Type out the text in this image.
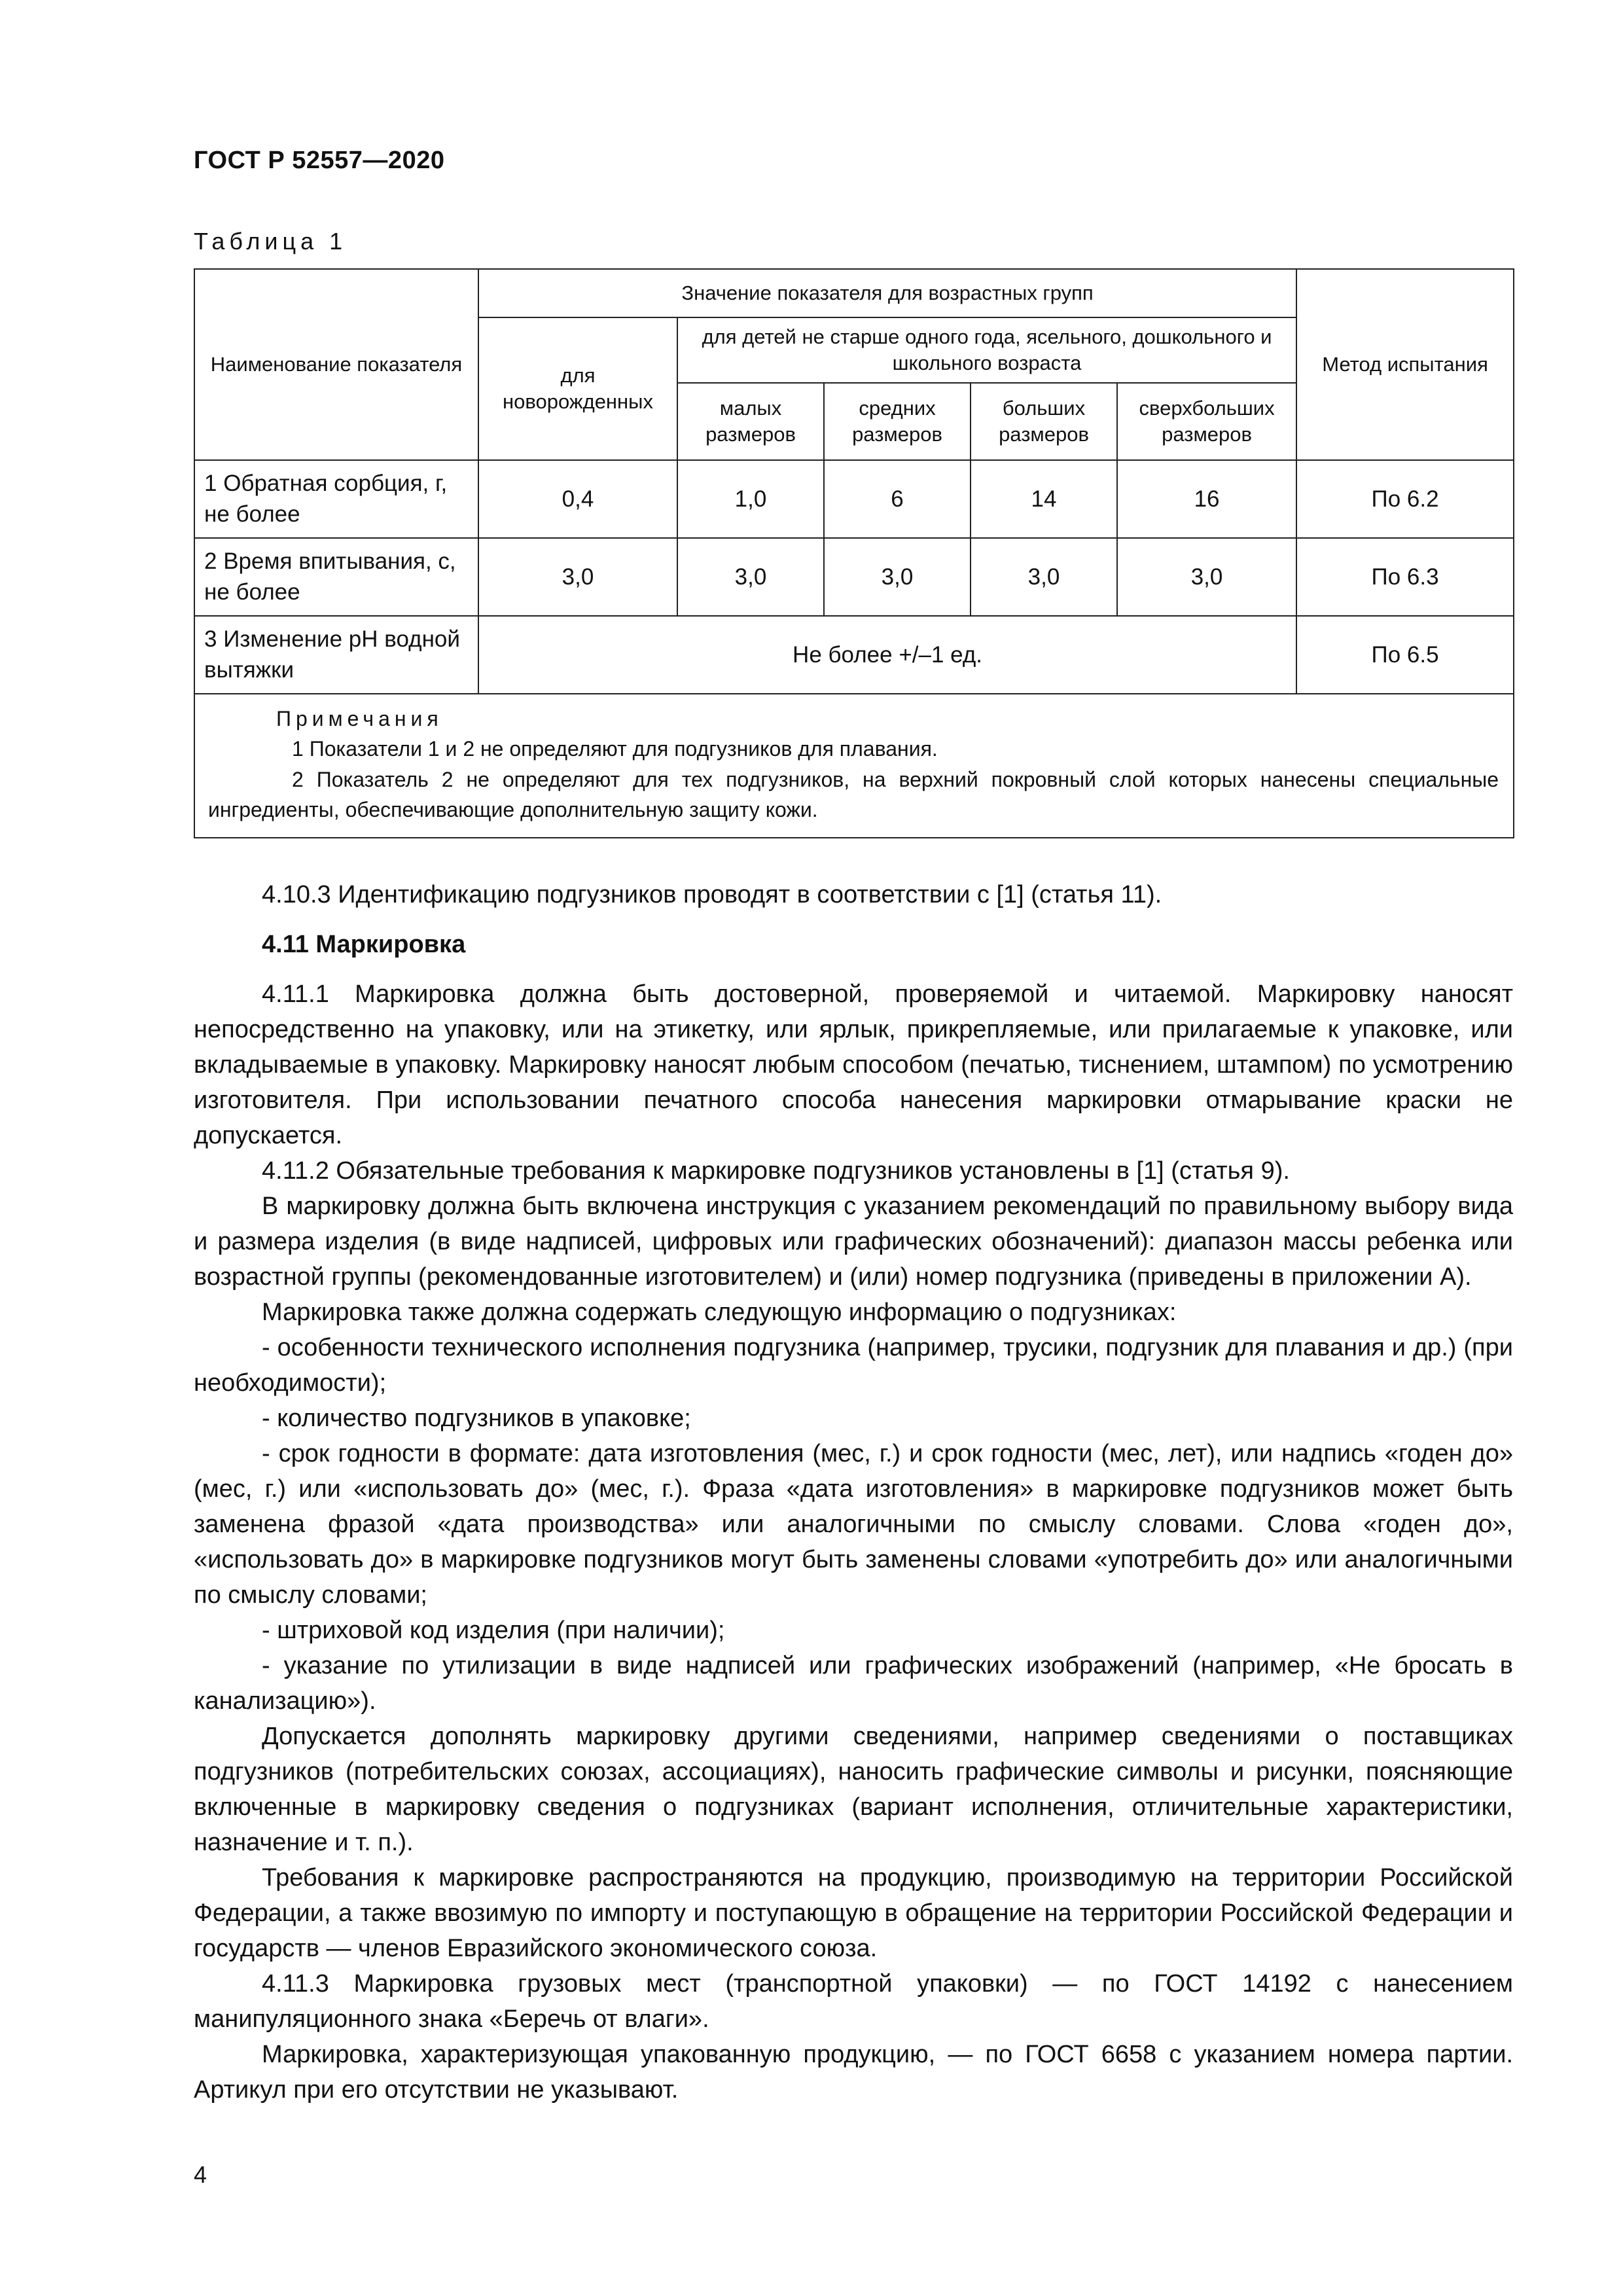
ГОСТ Р 52557—2020
Таблица 1
Наименование показателя	Значение показателя для возрастных групп					Метод испытания
	для новорожденных	для детей не старше одного года, ясельного, дошкольного и школьного возраста				
		малых размеров	средних размеров	больших размеров	сверхбольших размеров	
1 Обратная сорбция, г, не более	0,4	1,0	6	14	16	По 6.2
2 Время впитывания, с, не более	3,0	3,0	3,0	3,0	3,0	По 6.3
3 Изменение pH водной вытяжки	Не более +/–1 ед.					По 6.5

Примечания
1 Показатели 1 и 2 не определяют для подгузников для плавания.
2 Показатель 2 не определяют для тех подгузников, на верхний покровный слой которых нанесены специальные ингредиенты, обеспечивающие дополнительную защиту кожи.						

4.10.3 Идентификацию подгузников проводят в соответствии с [1] (статья 11).

4.11 Маркировка

4.11.1 Маркировка должна быть достоверной, проверяемой и читаемой. Маркировку наносят непосредственно на упаковку, или на этикетку, или ярлык, прикрепляемые, или прилагаемые к упаковке, или вкладываемые в упаковку. Маркировку наносят любым способом (печатью, тиснением, штампом) по усмотрению изготовителя. При использовании печатного способа нанесения маркировки отмарывание краски не допускается.

4.11.2 Обязательные требования к маркировке подгузников установлены в [1] (статья 9).

В маркировку должна быть включена инструкция с указанием рекомендаций по правильному выбору вида и размера изделия (в виде надписей, цифровых или графических обозначений): диапазон массы ребенка или возрастной группы (рекомендованные изготовителем) и (или) номер подгузника (приведены в приложении А).

Маркировка также должна содержать следующую информацию о подгузниках:

- особенности технического исполнения подгузника (например, трусики, подгузник для плавания и др.) (при необходимости);

- количество подгузников в упаковке;

- срок годности в формате: дата изготовления (мес, г.) и срок годности (мес, лет), или надпись «годен до» (мес, г.) или «использовать до» (мес, г.). Фраза «дата изготовления» в маркировке подгузников может быть заменена фразой «дата производства» или аналогичными по смыслу словами. Слова «годен до», «использовать до» в маркировке подгузников могут быть заменены словами «употребить до» или аналогичными по смыслу словами;

- штриховой код изделия (при наличии);

- указание по утилизации в виде надписей или графических изображений (например, «Не бросать в канализацию»).

Допускается дополнять маркировку другими сведениями, например сведениями о поставщиках подгузников (потребительских союзах, ассоциациях), наносить графические символы и рисунки, поясняющие включенные в маркировку сведения о подгузниках (вариант исполнения, отличительные характеристики, назначение и т. п.).

Требования к маркировке распространяются на продукцию, производимую на территории Российской Федерации, а также ввозимую по импорту и поступающую в обращение на территории Российской Федерации и государств — членов Евразийского экономического союза.

4.11.3 Маркировка грузовых мест (транспортной упаковки) — по ГОСТ 14192 с нанесением манипуляционного знака «Беречь от влаги».

Маркировка, характеризующая упакованную продукцию, — по ГОСТ 6658 с указанием номера партии. Артикул при его отсутствии не указывают.

4
